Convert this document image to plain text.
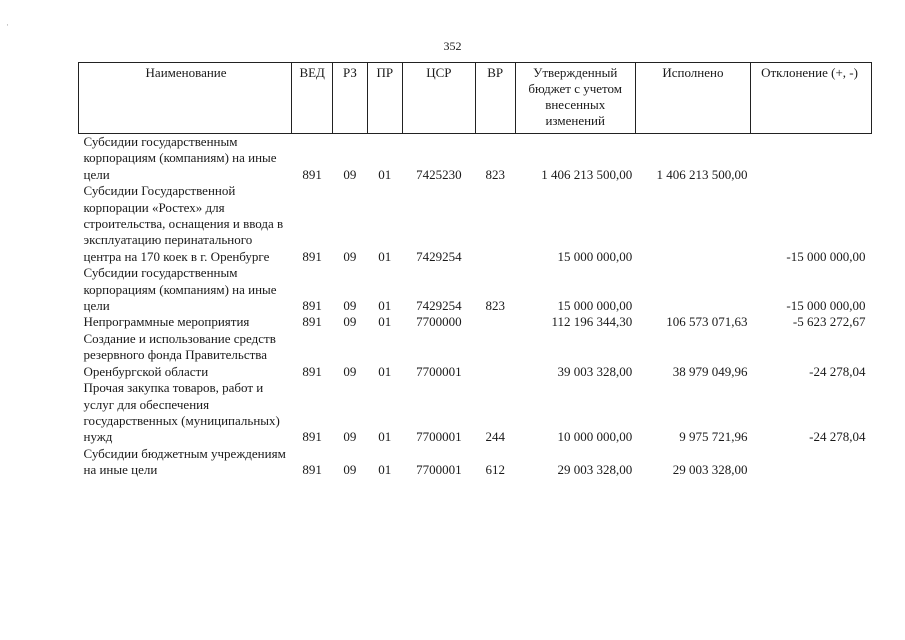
·
352
Наименование	ВЕД	РЗ	ПР	ЦСР	ВР	Утвержденный бюджет с учетом внесенных изменений	Исполнено	Отклонение (+, -)
Субсидии государственным корпорациям (компаниям) на иные цели	891	09	01	7425230	823	1 406 213 500,00	1 406 213 500,00	
Субсидии Государственной корпорации «Ростех» для строительства, оснащения и ввода в эксплуатацию перинатального центра на 170 коек в г. Оренбурге	891	09	01	7429254		15 000 000,00		-15 000 000,00
Субсидии государственным корпорациям (компаниям) на иные цели	891	09	01	7429254	823	15 000 000,00		-15 000 000,00
Непрограммные мероприятия	891	09	01	7700000		112 196 344,30	106 573 071,63	-5 623 272,67
Создание и использование средств резервного фонда Правительства Оренбургской области	891	09	01	7700001		39 003 328,00	38 979 049,96	-24 278,04
Прочая закупка товаров, работ и услуг для обеспечения государственных (муниципальных) нужд	891	09	01	7700001	244	10 000 000,00	9 975 721,96	-24 278,04
Субсидии бюджетным учреждениям на иные цели	891	09	01	7700001	612	29 003 328,00	29 003 328,00	
